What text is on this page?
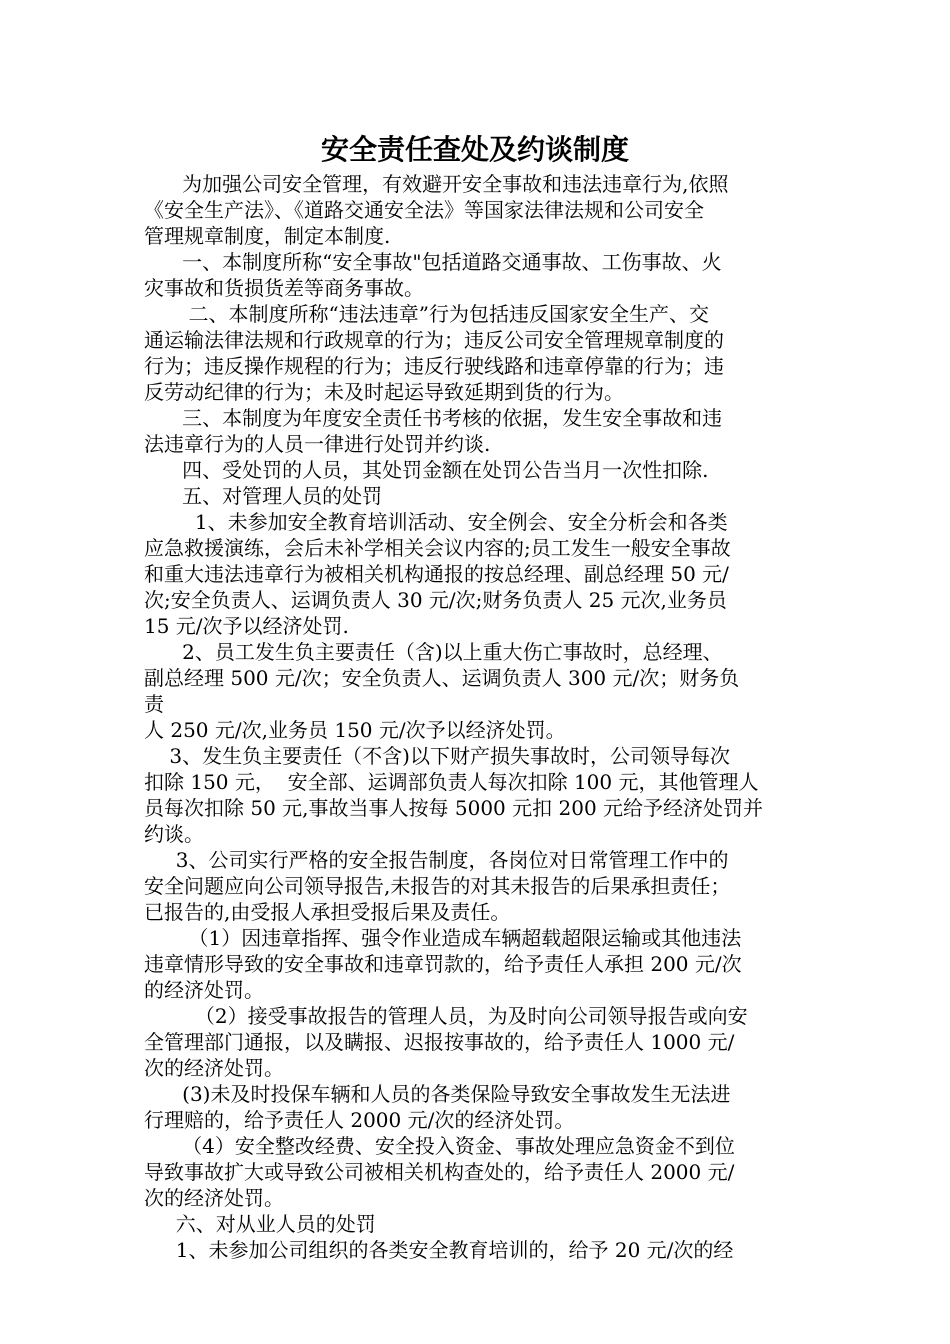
安全责任查处及约谈制度

为加强公司安全管理，有效避开安全事故和违法违章行为,依照

《安全生产法》、《道路交通安全法》等国家法律法规和公司安全

管理规章制度，制定本制度.

一、本制度所称“安全事故"包括道路交通事故、工伤事故、火

灾事故和货损货差等商务事故。

二、本制度所称“违法违章”行为包括违反国家安全生产、交

通运输法律法规和行政规章的行为；违反公司安全管理规章制度的

行为；违反操作规程的行为；违反行驶线路和违章停靠的行为；违

反劳动纪律的行为；未及时起运导致延期到货的行为。

三、本制度为年度安全责任书考核的依据，发生安全事故和违

法违章行为的人员一律进行处罚并约谈.

四、受处罚的人员，其处罚金额在处罚公告当月一次性扣除.

五、对管理人员的处罚

1、未参加安全教育培训活动、安全例会、安全分析会和各类

应急救援演练，会后未补学相关会议内容的;员工发生一般安全事故

和重大违法违章行为被相关机构通报的按总经理、副总经理 50 元/

次;安全负责人、运调负责人 30 元/次;财务负责人 25 元次,业务员

15 元/次予以经济处罚.

2、员工发生负主要责任（含)以上重大伤亡事故时，总经理、

副总经理 500 元/次；安全负责人、运调负责人 300 元/次；财务负

责

人 250 元/次,业务员 150 元/次予以经济处罚。

3、发生负主要责任（不含)以下财产损失事故时，公司领导每次

扣除 150 元，  安全部、运调部负责人每次扣除 100 元，其他管理人

员每次扣除 50 元,事故当事人按每 5000 元扣 200 元给予经济处罚并

约谈。

3、公司实行严格的安全报告制度，各岗位对日常管理工作中的

安全问题应向公司领导报告,未报告的对其未报告的后果承担责任；

已报告的,由受报人承担受报后果及责任。

（1）因违章指挥、强令作业造成车辆超载超限运输或其他违法

违章情形导致的安全事故和违章罚款的，给予责任人承担 200 元/次

的经济处罚。

（2）接受事故报告的管理人员，为及时向公司领导报告或向安

全管理部门通报，以及瞒报、迟报按事故的，给予责任人 1000 元/

次的经济处罚。

(3)未及时投保车辆和人员的各类保险导致安全事故发生无法进

行理赔的，给予责任人 2000 元/次的经济处罚。

（4）安全整改经费、安全投入资金、事故处理应急资金不到位

导致事故扩大或导致公司被相关机构查处的，给予责任人 2000 元/

次的经济处罚。

六、对从业人员的处罚

1、未参加公司组织的各类安全教育培训的，给予 20 元/次的经
